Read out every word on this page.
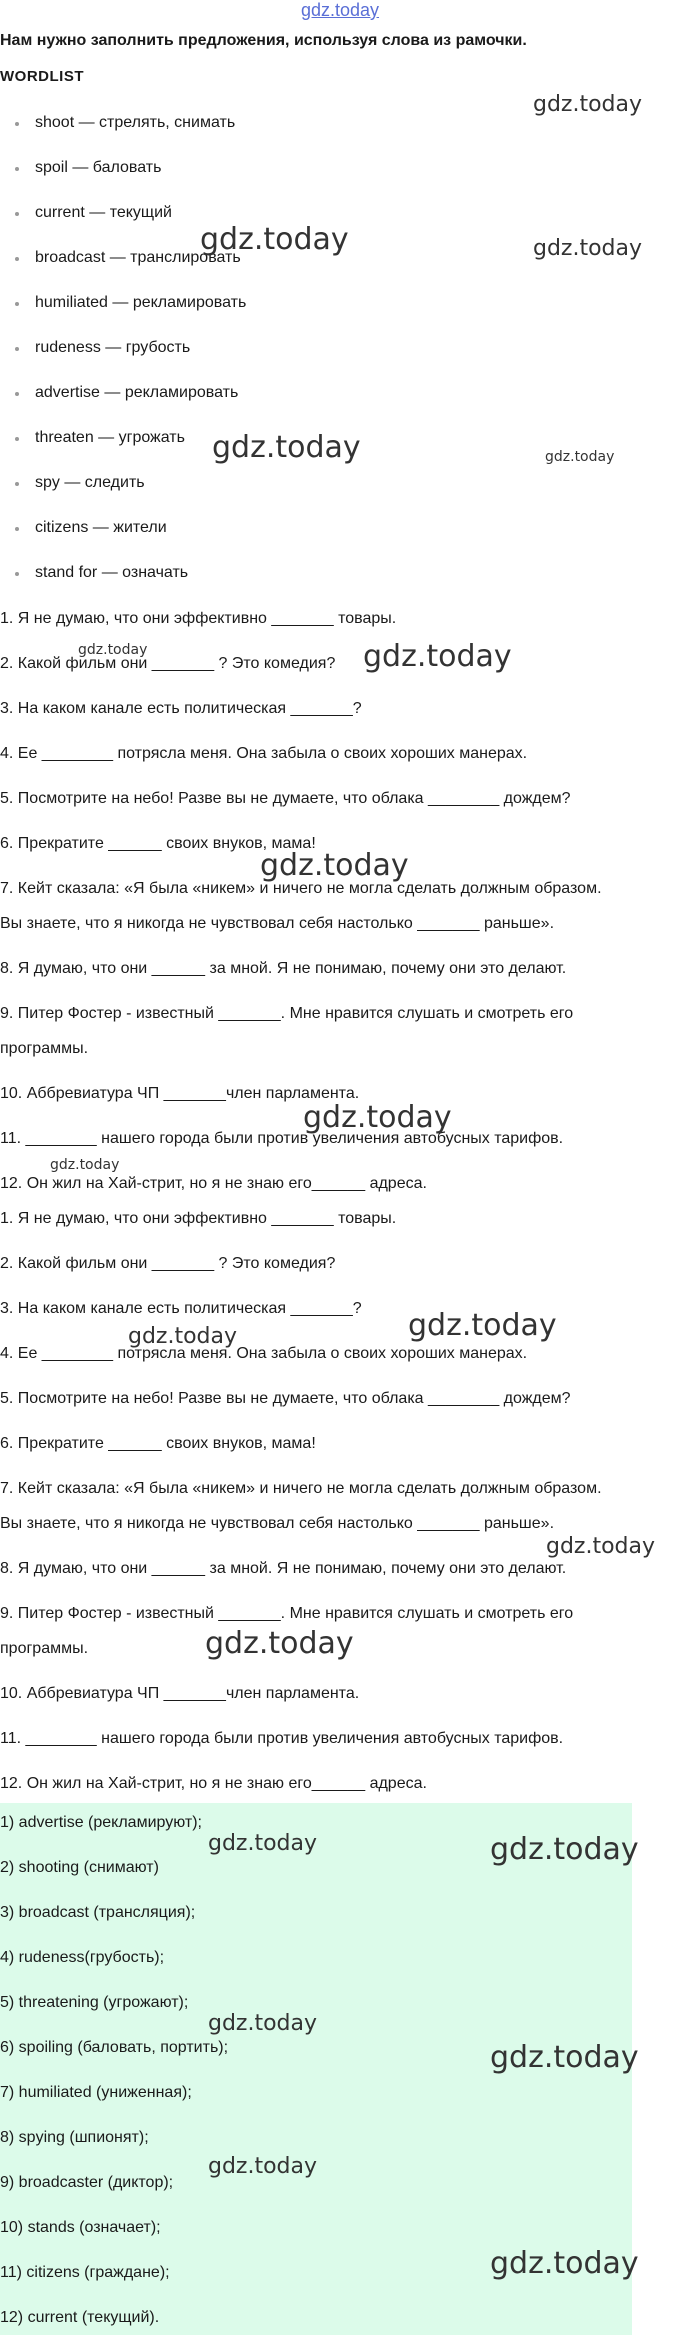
gdz.today
Нам нужно заполнить предложения, используя слова из рамочки.
WORDLIST
shoot — стрелять, снимать
spoil — баловать
current — текущий
broadcast — транслировать
humiliated — рекламировать
rudeness — грубость
advertise — рекламировать
threaten — угрожать
spy — следить
citizens — жители
stand for — означать
1. Я не думаю, что они эффективно _______ товары.
2. Какой фильм они _______ ? Это комедия?
3. На каком канале есть политическая _______?
4. Ее ________ потрясла меня. Она забыла о своих хороших манерах.
5. Посмотрите на небо! Разве вы не думаете, что облака ________ дождем?
6. Прекратите ______ своих внуков, мама!
7. Кейт сказала: «Я была «никем» и ничего не могла сделать должным образом.
Вы знаете, что я никогда не чувствовал себя настолько _______ раньше».
8. Я думаю, что они ______ за мной. Я не понимаю, почему они это делают.
9. Питер Фостер - известный _______. Мне нравится слушать и смотреть его
программы.
10. Аббревиатура ЧП _______член парламента.
11. ________ нашего города были против увеличения автобусных тарифов.
12. Он жил на Хай-стрит, но я не знаю его______ адреса.
1. Я не думаю, что они эффективно _______ товары.
2. Какой фильм они _______ ? Это комедия?
3. На каком канале есть политическая _______?
4. Ее ________ потрясла меня. Она забыла о своих хороших манерах.
5. Посмотрите на небо! Разве вы не думаете, что облака ________ дождем?
6. Прекратите ______ своих внуков, мама!
7. Кейт сказала: «Я была «никем» и ничего не могла сделать должным образом.
Вы знаете, что я никогда не чувствовал себя настолько _______ раньше».
8. Я думаю, что они ______ за мной. Я не понимаю, почему они это делают.
9. Питер Фостер - известный _______. Мне нравится слушать и смотреть его
программы.
10. Аббревиатура ЧП _______член парламента.
11. ________ нашего города были против увеличения автобусных тарифов.
12. Он жил на Хай-стрит, но я не знаю его______ адреса.
1) advertise (рекламируют);
2) shooting (снимают)
3) broadcast (трансляция);
4) rudeness(грубость);
5) threatening (угрожают);
6) spoiling (баловать, портить);
7) humiliated (униженная);
8) spying (шпионят);
9) broadcaster (диктор);
10) stands (означает);
11) citizens (граждане);
12) current (текущий).
gdz.today
gdz.today	gdz.today
gdz.today	gdz.today
gdz.today	gdz.today
gdz.today
gdz.today
gdz.today
gdz.today	gdz.today
gdz.today
gdz.today
gdz.today	gdz.today
gdz.today
gdz.today
gdz.today
gdz.today
